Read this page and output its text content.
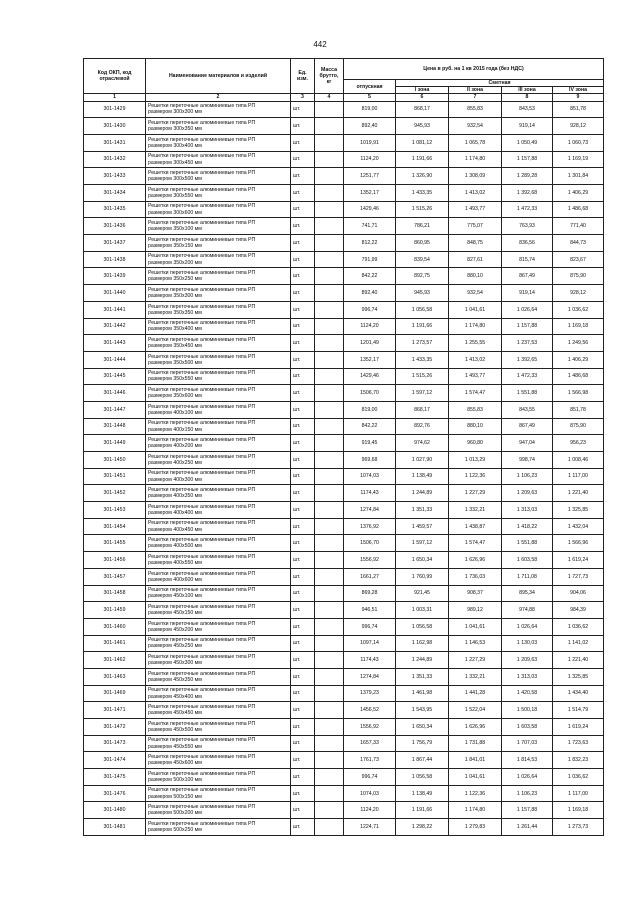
442
Код ОКП, код отраслевой	Наименование материалов и изделий	Ед. изм.	Масса брутто, кг	Цена в руб. на 1 кв 2015 года (без НДС)				
				отпускная	Сметная			
					I зона	II зона	III зона	IV зона
1	2	3	4	5	6	7	8	9
301-1429	Решетки переточные алюминиевые типа РП
размером 300x300 мм	шт.		819,00	868,17	855,83	843,53	851,78
301-1430	Решетки переточные алюминиевые типа РП
размером 300x350 мм	шт.		892,40	945,93	932,54	919,14	928,12
301-1431	Решетки переточные алюминиевые типа РП
размером 300x400 мм	шт.		1019,91	1 081,12	1 065,78	1 050,49	1 060,73
301-1432	Решетки переточные алюминиевые типа РП
размером 300x450 мм	шт.		1124,20	1 191,66	1 174,80	1 157,88	1 169,19
301-1433	Решетки переточные алюминиевые типа РП
размером 300x500 мм	шт.		1251,77	1 326,90	1 308,09	1 289,28	1 301,84
301-1434	Решетки переточные алюминиевые типа РП
размером 300x550 мм	шт.		1352,17	1 433,35	1 413,02	1 392,68	1 406,29
301-1435	Решетки переточные алюминиевые типа РП
размером 300x600 мм	шт.		1429,46	1 515,26	1 493,77	1 472,33	1 486,68
301-1436	Решетки переточные алюминиевые типа РП
размером 350x100 мм	шт.		741,71	786,21	775,07	763,93	771,40
301-1437	Решетки переточные алюминиевые типа РП
размером 350x150 мм	шт.		812,22	860,95	848,75	836,56	844,73
301-1438	Решетки переточные алюминиевые типа РП
размером 350x200 мм	шт.		791,99	839,54	827,61	815,74	823,67
301-1439	Решетки переточные алюминиевые типа РП
размером 350x250 мм	шт.		842,22	892,75	880,10	867,49	875,90
301-1440	Решетки переточные алюминиевые типа РП
размером 350x300 мм	шт.		892,40	945,93	932,54	919,14	928,12
301-1441	Решетки переточные алюминиевые типа РП
размером 350x350 мм	шт.		996,74	1 056,58	1 041,61	1 026,64	1 036,62
301-1442	Решетки переточные алюминиевые типа РП
размером 350x400 мм	шт.		1124,20	1 191,66	1 174,80	1 157,88	1 169,18
301-1443	Решетки переточные алюминиевые типа РП
размером 350x450 мм	шт.		1201,49	1 273,57	1 255,55	1 237,53	1 249,56
301-1444	Решетки переточные алюминиевые типа РП
размером 350x500 мм	шт.		1352,17	1 433,35	1 413,02	1 392,65	1 406,29
301-1445	Решетки переточные алюминиевые типа РП
размером 350x550 мм	шт.		1429,46	1 515,26	1 493,77	1 472,33	1 486,68
301-1446	Решетки переточные алюминиевые типа РП
размером 350x600 мм	шт.		1506,70	1 597,12	1 574,47	1 551,88	1 566,98
301-1447	Решетки переточные алюминиевые типа РП
размером 400x100 мм	шт.		819,00	868,17	855,83	843,55	851,78
301-1448	Решетки переточные алюминиевые типа РП
размером 400x150 мм	шт.		842,22	892,76	880,10	867,49	875,90
301-1449	Решетки переточные алюминиевые типа РП
размером 400x200 мм	шт.		919,45	974,62	960,80	947,04	956,23
301-1450	Решетки переточные алюминиевые типа РП
размером 400x250 мм	шт.		969,68	1 027,90	1 013,29	998,74	1 008,46
301-1451	Решетки переточные алюминиевые типа РП
размером 400x300 мм	шт.		1074,03	1 138,49	1 122,36	1 106,23	1 117,00
301-1452	Решетки переточные алюминиевые типа РП
размером 400x350 мм	шт.		1174,43	1 244,89	1 227,29	1 209,63	1 221,40
301-1453	Решетки переточные алюминиевые типа РП
размером 400x400 мм	шт.		1274,84	1 351,33	1 332,21	1 313,03	1 325,85
301-1454	Решетки переточные алюминиевые типа РП
размером 400x450 мм	шт.		1376,92	1 459,57	1 438,87	1 418,22	1 432,04
301-1455	Решетки переточные алюминиевые типа РП
размером 400x500 мм	шт.		1506,70	1 597,12	1 574,47	1 551,88	1 566,96
301-1456	Решетки переточные алюминиевые типа РП
размером 400x550 мм	шт.		1556,92	1 650,34	1 626,96	1 603,58	1 619,24
301-1457	Решетки переточные алюминиевые типа РП
размером 400x600 мм	шт.		1661,27	1 760,99	1 736,03	1 711,08	1 727,73
301-1458	Решетки переточные алюминиевые типа РП
размером 450x100 мм	шт.		869,28	921,45	908,37	895,34	904,06
301-1459	Решетки переточные алюминиевые типа РП
размером 450x150 мм	шт.		946,51	1 003,31	989,12	974,88	984,39
301-1460	Решетки переточные алюминиевые типа РП
размером 450x200 мм	шт.		996,74	1 056,58	1 041,61	1 026,64	1 036,62
301-1461	Решетки переточные алюминиевые типа РП
размером 450x250 мм	шт.		1097,14	1 162,98	1 146,53	1 130,03	1 141,02
301-1462	Решетки переточные алюминиевые типа РП
размером 450x300 мм	шт.		1174,43	1 244,89	1 227,29	1 209,63	1 221,40
301-1463	Решетки переточные алюминиевые типа РП
размером 450x350 мм	шт.		1274,84	1 351,33	1 332,21	1 313,03	1 325,85
301-1469	Решетки переточные алюминиевые типа РП
размером 450x400 мм	шт.		1379,23	1 461,98	1 441,28	1 420,58	1 434,40
301-1471	Решетки переточные алюминиевые типа РП
размером 450x450 мм	шт.		1456,52	1 543,95	1 522,04	1 500,18	1 514,79
301-1472	Решетки переточные алюминиевые типа РП
размером 450x500 мм	шт.		1556,92	1 650,34	1 626,96	1 603,58	1 619,24
301-1473	Решетки переточные алюминиевые типа РП
размером 450x550 мм	шт.		1657,33	1 756,79	1 731,88	1 707,03	1 723,63
301-1474	Решетки переточные алюминиевые типа РП
размером 450x600 мм	шт.		1761,73	1 867,44	1 841,01	1 814,53	1 832,23
301-1475	Решетки переточные алюминиевые типа РП
размером 500x100 мм	шт.		996,74	1 056,58	1 041,61	1 026,64	1 036,62
301-1476	Решетки переточные алюминиевые типа РП
размером 500x150 мм	шт.		1074,03	1 138,49	1 122,36	1 106,23	1 117,00
301-1480	Решетки переточные алюминиевые типа РП
размером 500x200 мм	шт.		1124,20	1 191,66	1 174,80	1 157,88	1 169,18
301-1481	Решетки переточные алюминиевые типа РП
размером 500x250 мм	шт.		1224,71	1 298,22	1 279,83	1 261,44	1 273,73
